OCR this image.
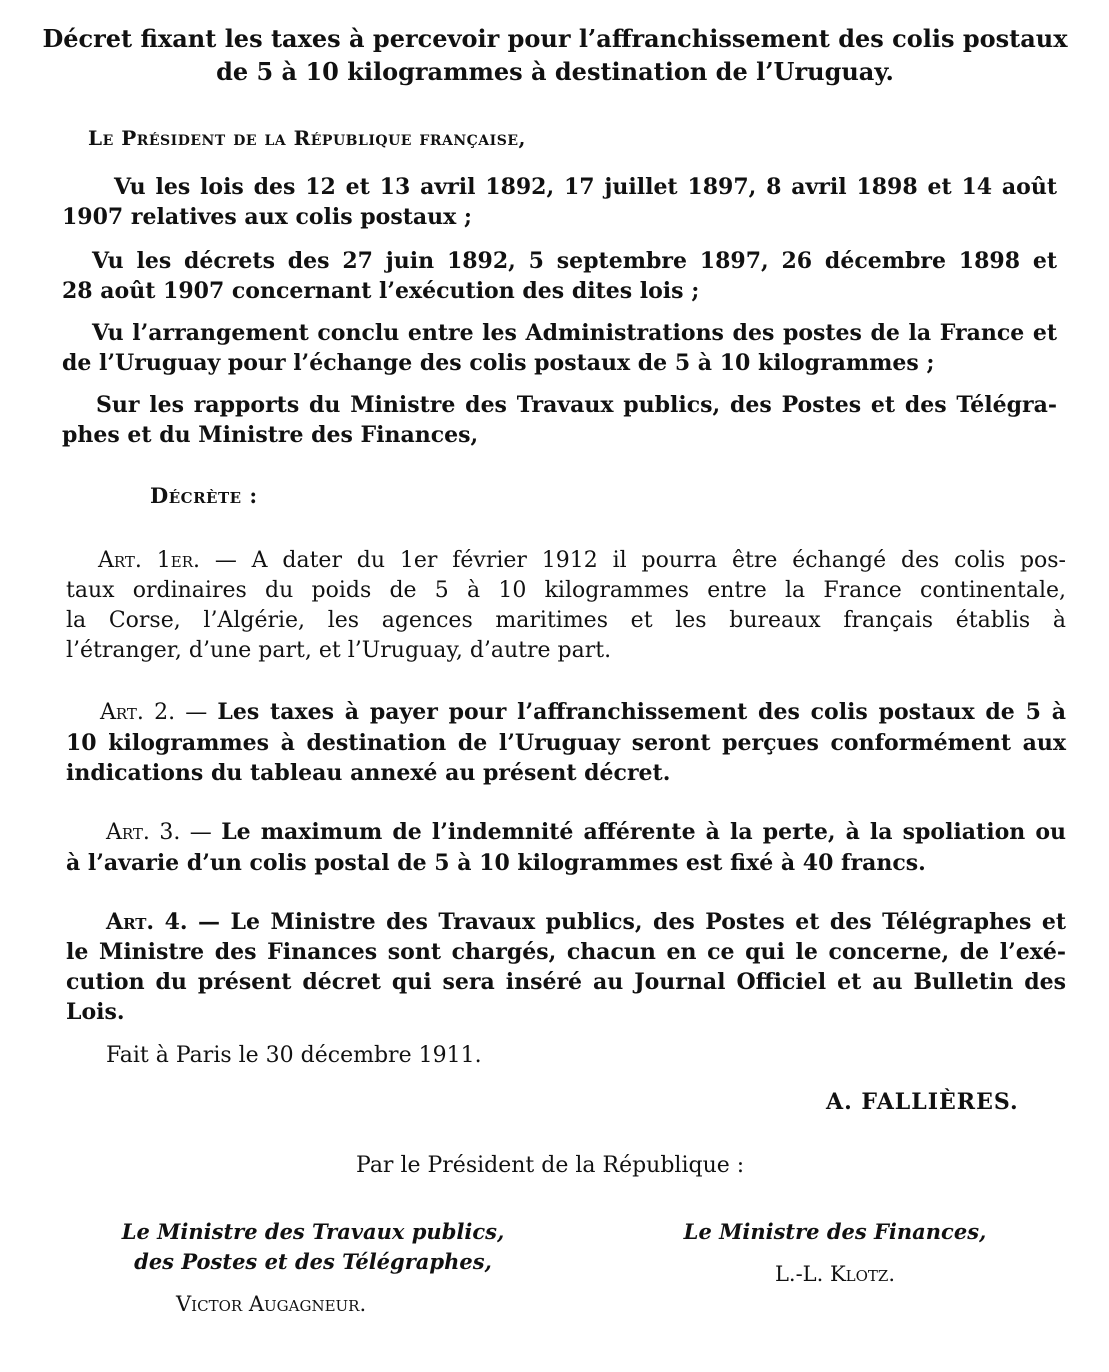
Décret fixant les taxes à percevoir pour l’affranchissement des colis postaux
de 5 à 10 kilogrammes à destination de l’Uruguay.
Le Président de la République française,
Vu les lois des 12 et 13 avril 1892, 17 juillet 1897, 8 avril 1898 et 14 août
1907 relatives aux colis postaux ;
Vu les décrets des 27 juin 1892, 5 septembre 1897, 26 décembre 1898 et
28 août 1907 concernant l’exécution des dites lois ;
Vu l’arrangement conclu entre les Administrations des postes de la France et
de l’Uruguay pour l’échange des colis postaux de 5 à 10 kilogrammes ;
Sur les rapports du Ministre des Travaux publics, des Postes et des Télégra-
phes et du Ministre des Finances,
Décrète :
Art. 1er. — A dater du 1er février 1912 il pourra être échangé des colis pos-
taux ordinaires du poids de 5 à 10 kilogrammes entre la France continentale,
la Corse, l’Algérie, les agences maritimes et les bureaux français établis à
l’étranger, d’une part, et l’Uruguay, d’autre part.
Art. 2. — Les taxes à payer pour l’affranchissement des colis postaux de 5 à
10 kilogrammes à destination de l’Uruguay seront perçues conformément aux
indications du tableau annexé au présent décret.
Art. 3. — Le maximum de l’indemnité afférente à la perte, à la spoliation ou
à l’avarie d’un colis postal de 5 à 10 kilogrammes est fixé à 40 francs.
Art. 4. — Le Ministre des Travaux publics, des Postes et des Télégraphes et
le Ministre des Finances sont chargés, chacun en ce qui le concerne, de l’exé-
cution du présent décret qui sera inséré au Journal Officiel et au Bulletin des
Lois.
Fait à Paris le 30 décembre 1911.
A. FALLIÈRES.
Par le Président de la République :
Le Ministre des Travaux publics,
des Postes et des Télégraphes,
Victor Augagneur.
Le Ministre des Finances,
L.-L. Klotz.
